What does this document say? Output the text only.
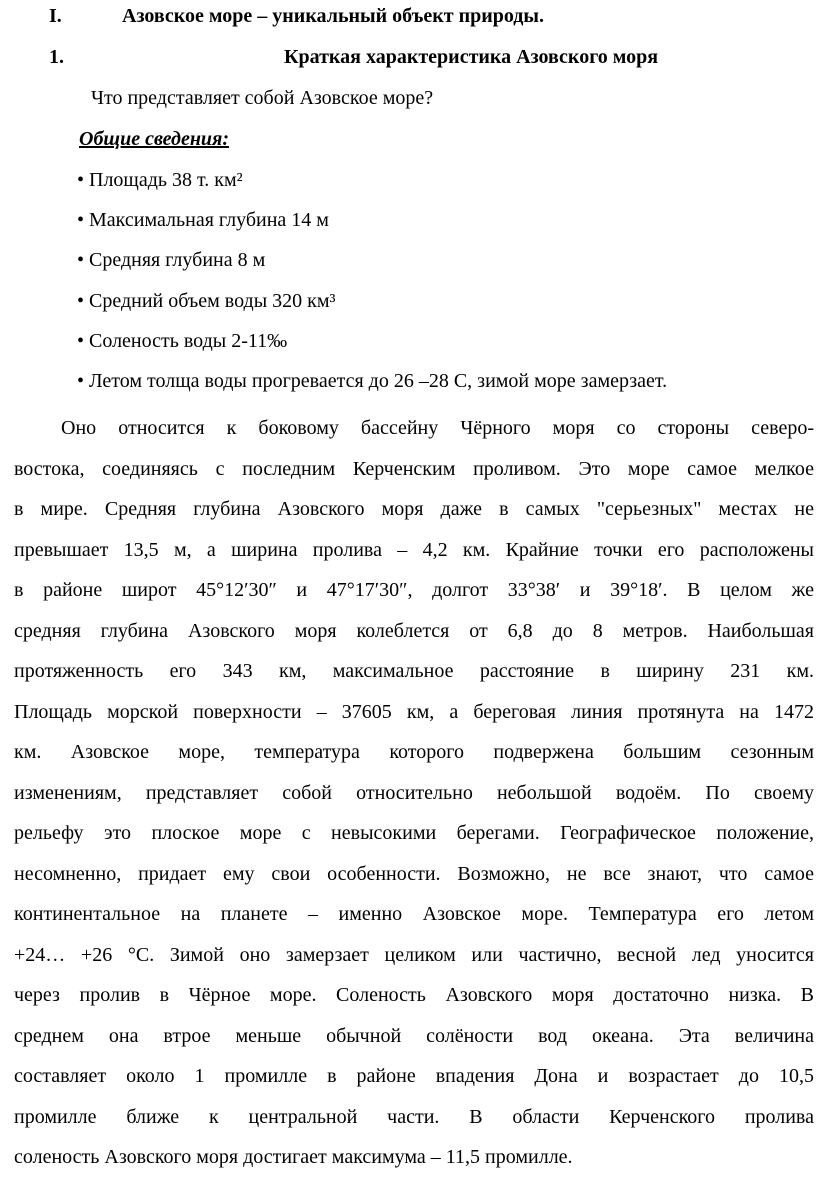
I.	Азовское море – уникальный объект природы.
1.	Краткая характеристика Азовского моря
Что представляет собой Азовское море?
Общие сведения:
• Площадь 38 т. км²
• Максимальная глубина 14 м
• Средняя глубина 8 м
• Средний объем воды 320 км³
• Соленость воды 2-11‰
• Летом толща воды прогревается до 26 –28 С, зимой море замерзает.
Оно относится к боковому бассейну Чёрного моря со стороны северо-
востока, соединяясь с последним Керченским проливом. Это море самое мелкое
в мире. Средняя глубина Азовского моря даже в самых "серьезных" местах не
превышает 13,5 м, а ширина пролива – 4,2 км. Крайние точки его расположены
в районе широт 45°12′30″ и 47°17′30″, долгот 33°38′ и 39°18′. В целом же
средняя глубина Азовского моря колеблется от 6,8 до 8 метров. Наибольшая
протяженность его 343 км, максимальное расстояние в ширину 231 км.
Площадь морской поверхности – 37605 км, а береговая линия протянута на 1472
км. Азовское море, температура которого подвержена большим сезонным
изменениям, представляет собой относительно небольшой водоём. По своему
рельефу это плоское море с невысокими берегами. Географическое положение,
несомненно, придает ему свои особенности. Возможно, не все знают, что самое
континентальное на планете – именно Азовское море. Температура его летом
+24… +26 °С. Зимой оно замерзает целиком или частично, весной лед уносится
через пролив в Чёрное море. Соленость Азовского моря достаточно низка. В
среднем она втрое меньше обычной солёности вод океана. Эта величина
составляет около 1 промилле в районе впадения Дона и возрастает до 10,5
промилле ближе к центральной части. В области Керченского пролива
соленость Азовского моря достигает максимума – 11,5 промилле.
